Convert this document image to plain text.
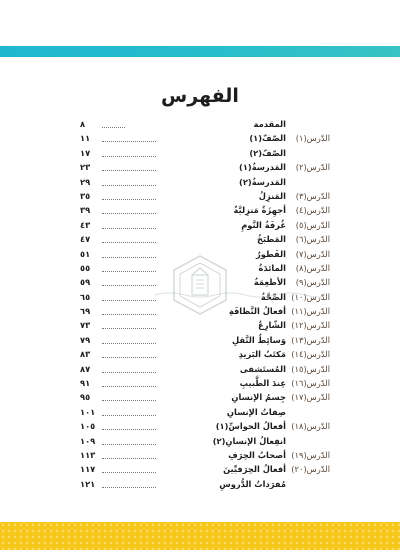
الفهرس
المقدمة
٨
الدّرس(١)
الصّفّ(١)
١١
الصّفّ(٢)
١٧
الدّرس(٢)
المَدرسةُ(١)
٢٣
المَدرسةُ(٢)
٢٩
الدّرس(٣)
المَنزِلُ
٣٥
الدّرس(٤)
أجهِزَةٌ مَنزِليَّةٌ
٣٩
الدّرس(٥)
غُرفَةُ النَّومِ
٤٣
الدّرس(٦)
المَطبَخُ
٤٧
الدّرس(٧)
الفَطورُ
٥١
الدّرس(٨)
المائدَةُ
٥٥
الدّرس(٩)
الأطعِمَةُ
٥٩
الدّرس(١٠)
الصِّحَّةُ
٦٥
الدّرس(١١)
أفعالُ النَّظافَةِ
٦٩
الدّرس(١٢)
الشّارِعُ
٧٣
الدّرس(١٣)
وَسائِطُ النَّقلِ
٧٩
الدّرس(١٤)
مَكتَبُ البَريدِ
٨٣
الدّرس(١٥)
المُستَشفى
٨٧
الدّرس(١٦)
عِندَ الطَّبيبِ
٩١
الدّرس(١٧)
جِسمُ الإنسانِ
٩٥
صِفاتُ الإنسانِ
١٠١
الدّرس(١٨)
أفعالُ الحواسِّ(١)
١٠٥
انفِعالُ الإنسانِ(٢)
١٠٩
الدّرس(١٩)
أصحابُ الحِرَفِ
١١٣
الدّرس(٢٠)
أفعالُ الحِرَفيِّينَ
١١٧
مُفرَداتُ الدُّروسِ
١٢١
